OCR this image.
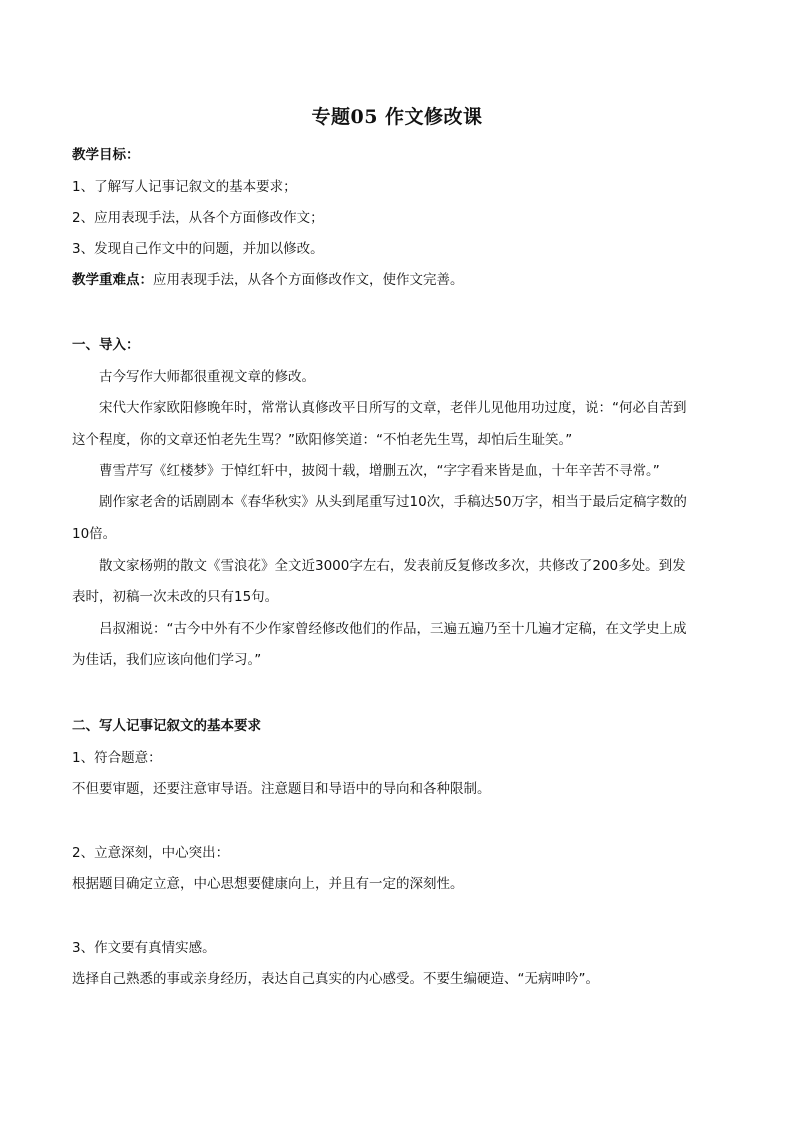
专题05 作文修改课
教学目标：
1、了解写人记事记叙文的基本要求；
2、应用表现手法，从各个方面修改作文；
3、发现自己作文中的问题，并加以修改。
教学重难点：应用表现手法，从各个方面修改作文，使作文完善。
一、导入：
古今写作大师都很重视文章的修改。
宋代大作家欧阳修晚年时，常常认真修改平日所写的文章，老伴儿见他用功过度，说：“何必自苦到
这个程度，你的文章还怕老先生骂？”欧阳修笑道：“不怕老先生骂，却怕后生耻笑。”
曹雪芹写《红楼梦》于悼红轩中，披阅十载，增删五次，“字字看来皆是血，十年辛苦不寻常。”
剧作家老舍的话剧剧本《春华秋实》从头到尾重写过10次，手稿达50万字，相当于最后定稿字数的
10倍。
散文家杨朔的散文《雪浪花》全文近3000字左右，发表前反复修改多次，共修改了200多处。到发
表时，初稿一次未改的只有15句。
吕叔湘说：“古今中外有不少作家曾经修改他们的作品，三遍五遍乃至十几遍才定稿，在文学史上成
为佳话，我们应该向他们学习。”
二、写人记事记叙文的基本要求
1、符合题意：
不但要审题，还要注意审导语。注意题目和导语中的导向和各种限制。
2、立意深刻，中心突出：
根据题目确定立意，中心思想要健康向上，并且有一定的深刻性。
3、作文要有真情实感。
选择自己熟悉的事或亲身经历，表达自己真实的内心感受。不要生编硬造、“无病呻吟”。
